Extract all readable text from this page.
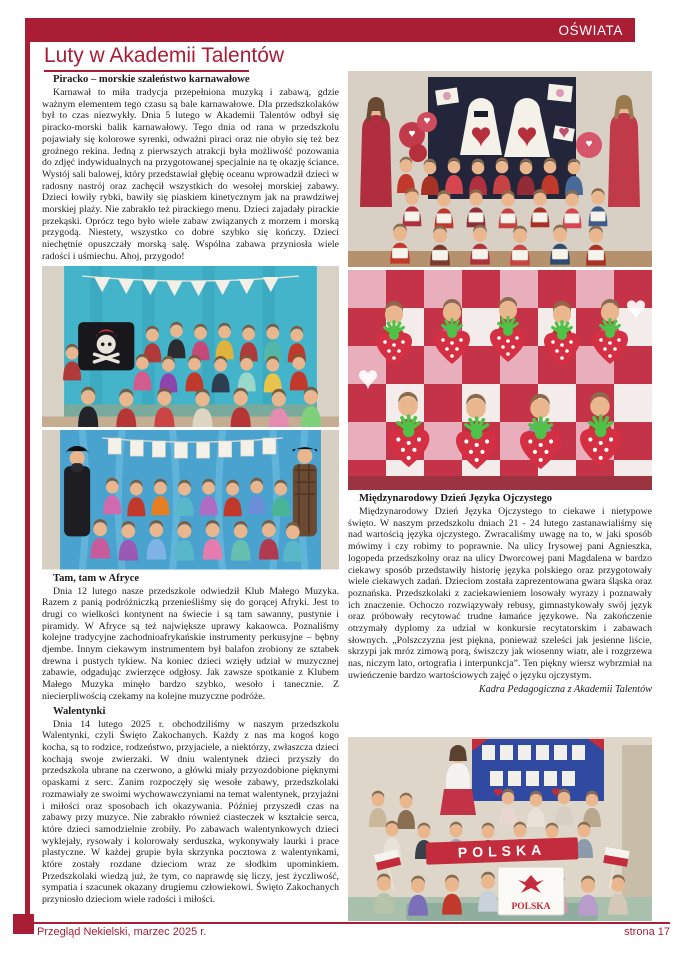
OŚWIATA
Luty w Akademii Talentów
Piracko – morskie szaleństwo karnawałowe

Karnawał to miła tradycja przepełniona muzyką i zabawą, gdzie ważnym elementem tego czasu są bale karnawałowe. Dla przedszkolaków był to czas niezwykły. Dnia 5 lutego w Akademii Talentów odbył się piracko-morski balik karnawałowy. Tego dnia od rana w przedszkolu pojawiały się kolorowe syrenki, odważni piraci oraz nie obyło się też bez groźnego rekina. Jedną z pierwszych atrakcji była możliwość pozowania do zdjęć indywidualnych na przygotowanej specjalnie na tę okazję ściance. Wystój sali balowej, który przedstawiał głębię oceanu wprowadził dzieci w radosny nastrój oraz zachęcił wszystkich do wesołej morskiej zabawy. Dzieci łowiły rybki, bawiły się piaskiem kinetycznym jak na prawdziwej morskiej plaży. Nie zabrakło też pirackiego menu. Dzieci zajadały pirackie przekąski. Oprócz tego było wiele zabaw związanych z morzem i morską przygodą. Niestety, wszystko co dobre szybko się kończy. Dzieci niechętnie opuszczały morską salę. Wspólna zabawa przyniosła wiele radości i uśmiechu. Ahoj, przygodo!

Tam, tam w Afryce

Dnia 12 lutego nasze przedszkole odwiedził Klub Małego Muzyka. Razem z panią podróżniczką przenieśliśmy się do gorącej Afryki. Jest to drugi co wielkości kontynent na świecie i są tam sawanny, pustynie i piramidy. W Afryce są też największe uprawy kakaowca. Poznaliśmy kolejne tradycyjne zachodnioafrykańskie instrumenty perkusyjne – bębny djembe. Innym ciekawym instrumentem był balafon zrobiony ze sztabek drewna i pustych tykiew. Na koniec dzieci wzięły udział w muzycznej zabawie, odgadując zwierzęce odgłosy. Jak zawsze spotkanie z Klubem Małego Muzyka minęło bardzo szybko, wesoło i tanecznie. Z niecierpliwością czekamy na kolejne muzyczne podróże.

Walentynki

Dnia 14 lutego 2025 r. obchodziliśmy w naszym przedszkolu Walentynki, czyli Święto Zakochanych. Każdy z nas ma kogoś kogo kocha, są to rodzice, rodzeństwo, przyjaciele, a niektórzy, zwłaszcza dzieci kochają swoje zwierzaki. W dniu walentynek dzieci przyszły do przedszkola ubrane na czerwono, a główki miały przyozdobione pięknymi opaskami z serc. Zanim rozpoczęły się wesołe zabawy, przedszkolaki rozmawiały ze swoimi wychowawczyniami na temat walentynek, przyjaźni i miłości oraz sposobach ich okazywania. Później przyszedł czas na zabawy przy muzyce. Nie zabrakło również ciasteczek w kształcie serca, które dzieci samodzielnie zrobiły. Po zabawach walentynkowych dzieci wyklejały, rysowały i kolorowały serduszka, wykonywały laurki i prace plastyczne. W każdej grupie była skrzynka pocztowa z walentynkami, które zostały rozdane dzieciom wraz ze słodkim upominkiem. Przedszkolaki wiedzą już, że tym, co naprawdę się liczy, jest życzliwość, sympatia i szacunek okazany drugiemu człowiekowi. Święto Zakochanych przyniosło dzieciom wiele radości i miłości.

Międzynarodowy Dzień Języka Ojczystego

Międzynarodowy Dzień Języka Ojczystego to ciekawe i nietypowe święto. W naszym przedszkolu dniach 21 - 24 lutego zastanawialiśmy się nad wartością języka ojczystego. Zwracaliśmy uwagę na to, w jaki sposób mówimy i czy robimy to poprawnie. Na ulicy Irysowej pani Agnieszka, logopeda przedszkolny oraz na ulicy Dworcowej pani Magdalena w bardzo ciekawy sposób przedstawiły historię języka polskiego oraz przygotowały wiele ciekawych zadań. Dzieciom została zaprezentowana gwara śląska oraz poznańska. Przedszkolaki z zaciekawieniem losowały wyrazy i poznawały ich znaczenie. Ochoczo rozwiązywały rebusy, gimnastykowały swój język oraz próbowały recytować trudne łamańce językowe. Na zakończenie otrzymały dyplomy za udział w konkursie recytatorskim i zabawach słownych. „Polszczyzna jest piękna, ponieważ szeleści jak jesienne liście, skrzypi jak mróz zimową porą, świszczy jak wiosenny wiatr, ale i rozgrzewa nas, niczym lato, ortografia i interpunkcja”. Ten piękny wiersz wybrzmiał na uwieńczenie bardzo wartościowych zajęć o języku ojczystym.

Kadra Pedagogiczna z Akademii Talentów

POLSKA
POLSKA
Przegląd Nekielski, marzec 2025 r.	strona 17
